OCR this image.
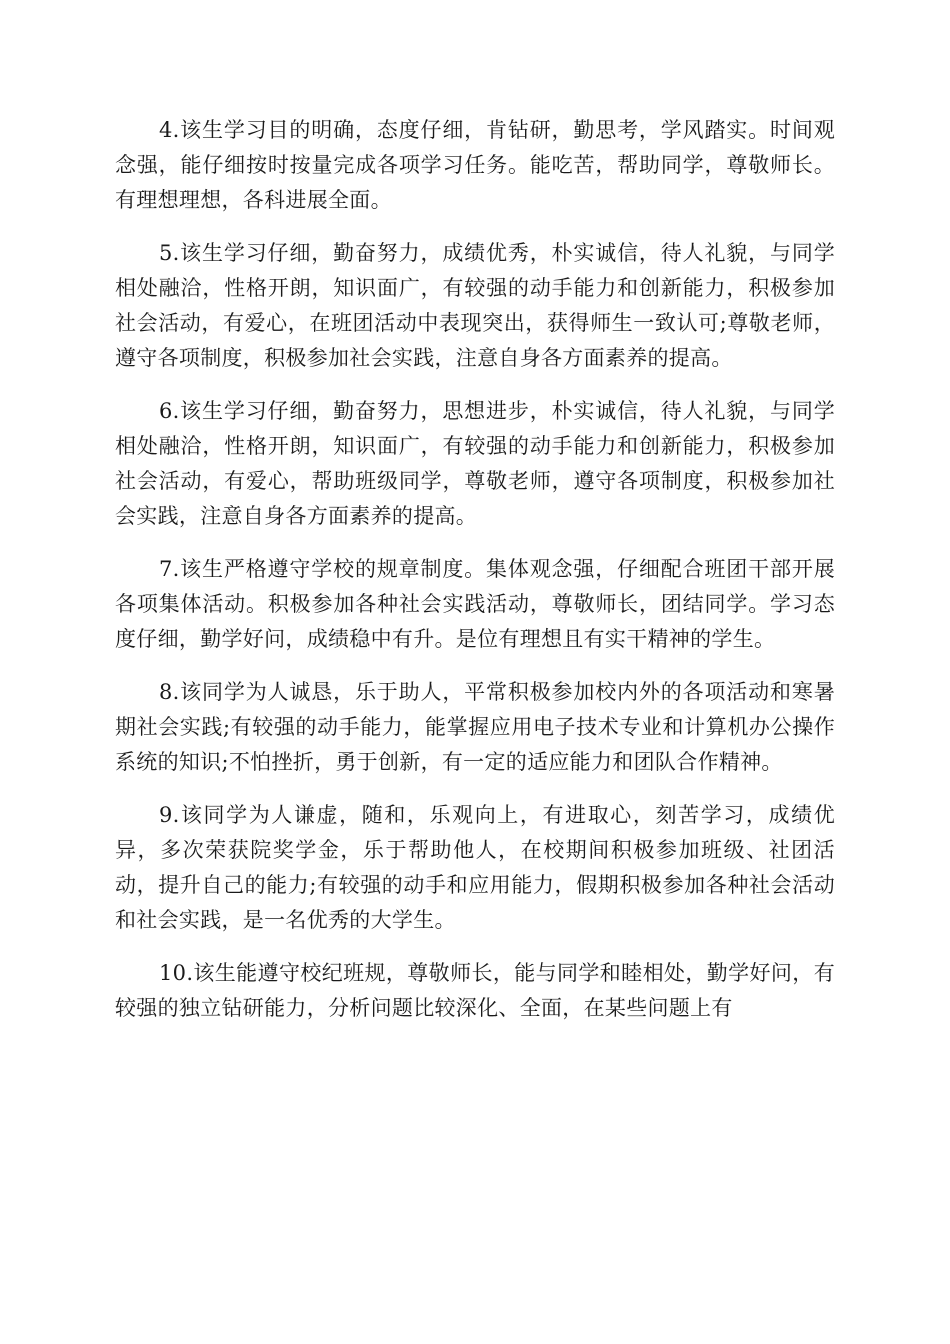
4.该生学习目的明确，态度仔细，肯钻研，勤思考，学风踏实。时间观念强，能仔细按时按量完成各项学习任务。能吃苦，帮助同学，尊敬师长。有理想理想，各科进展全面。

5.该生学习仔细，勤奋努力，成绩优秀，朴实诚信，待人礼貌，与同学相处融洽，性格开朗，知识面广，有较强的动手能力和创新能力，积极参加社会活动，有爱心，在班团活动中表现突出，获得师生一致认可;尊敬老师，遵守各项制度，积极参加社会实践，注意自身各方面素养的提高。

6.该生学习仔细，勤奋努力，思想进步，朴实诚信，待人礼貌，与同学相处融洽，性格开朗，知识面广，有较强的动手能力和创新能力，积极参加社会活动，有爱心，帮助班级同学，尊敬老师，遵守各项制度，积极参加社会实践，注意自身各方面素养的提高。

7.该生严格遵守学校的规章制度。集体观念强，仔细配合班团干部开展各项集体活动。积极参加各种社会实践活动，尊敬师长，团结同学。学习态度仔细，勤学好问，成绩稳中有升。是位有理想且有实干精神的学生。

8.该同学为人诚恳，乐于助人，平常积极参加校内外的各项活动和寒暑期社会实践;有较强的动手能力，能掌握应用电子技术专业和计算机办公操作系统的知识;不怕挫折，勇于创新，有一定的适应能力和团队合作精神。

9.该同学为人谦虚，随和，乐观向上，有进取心，刻苦学习，成绩优异，多次荣获院奖学金，乐于帮助他人，在校期间积极参加班级、社团活动，提升自己的能力;有较强的动手和应用能力，假期积极参加各种社会活动和社会实践，是一名优秀的大学生。

10.该生能遵守校纪班规，尊敬师长，能与同学和睦相处，勤学好问，有较强的独立钻研能力，分析问题比较深化、全面，在某些问题上有
